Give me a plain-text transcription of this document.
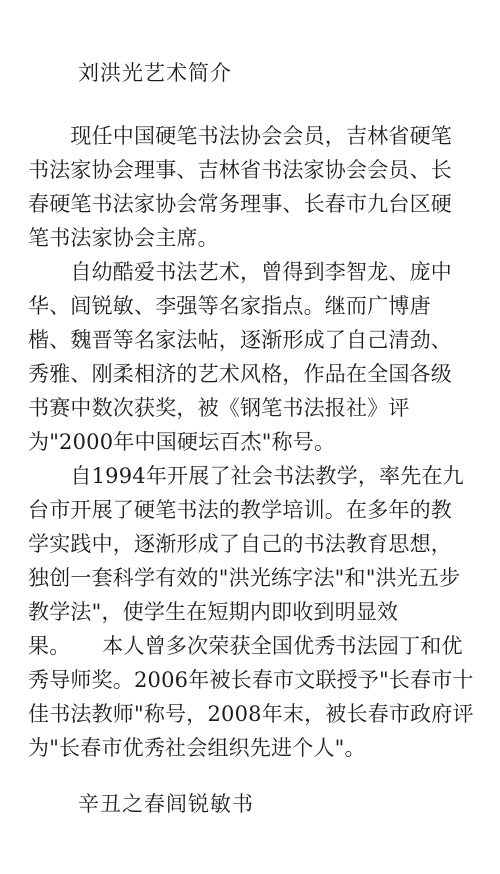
刘洪光艺术简介
　　现任中国硬笔书法协会会员，吉林省硬笔
书法家协会理事、吉林省书法家协会会员、长
春硬笔书法家协会常务理事、长春市九台区硬
笔书法家协会主席。
　　自幼酷爱书法艺术，曾得到李智龙、庞中
华、闾锐敏、李强等名家指点。继而广博唐
楷、魏晋等名家法帖，逐渐形成了自己清劲、
秀雅、刚柔相济的艺术风格，作品在全国各级
书赛中数次获奖，被《钢笔书法报社》评
为"2000年中国硬坛百杰"称号。
　　自1994年开展了社会书法教学，率先在九
台市开展了硬笔书法的教学培训。在多年的教
学实践中，逐渐形成了自己的书法教育思想，
独创一套科学有效的"洪光练字法"和"洪光五步
教学法"，使学生在短期内即收到明显效
果。　　本人曾多次荣获全国优秀书法园丁和优
秀导师奖。2006年被长春市文联授予"长春市十
佳书法教师"称号，2008年末，被长春市政府评
为"长春市优秀社会组织先进个人"。
辛丑之春闾锐敏书
